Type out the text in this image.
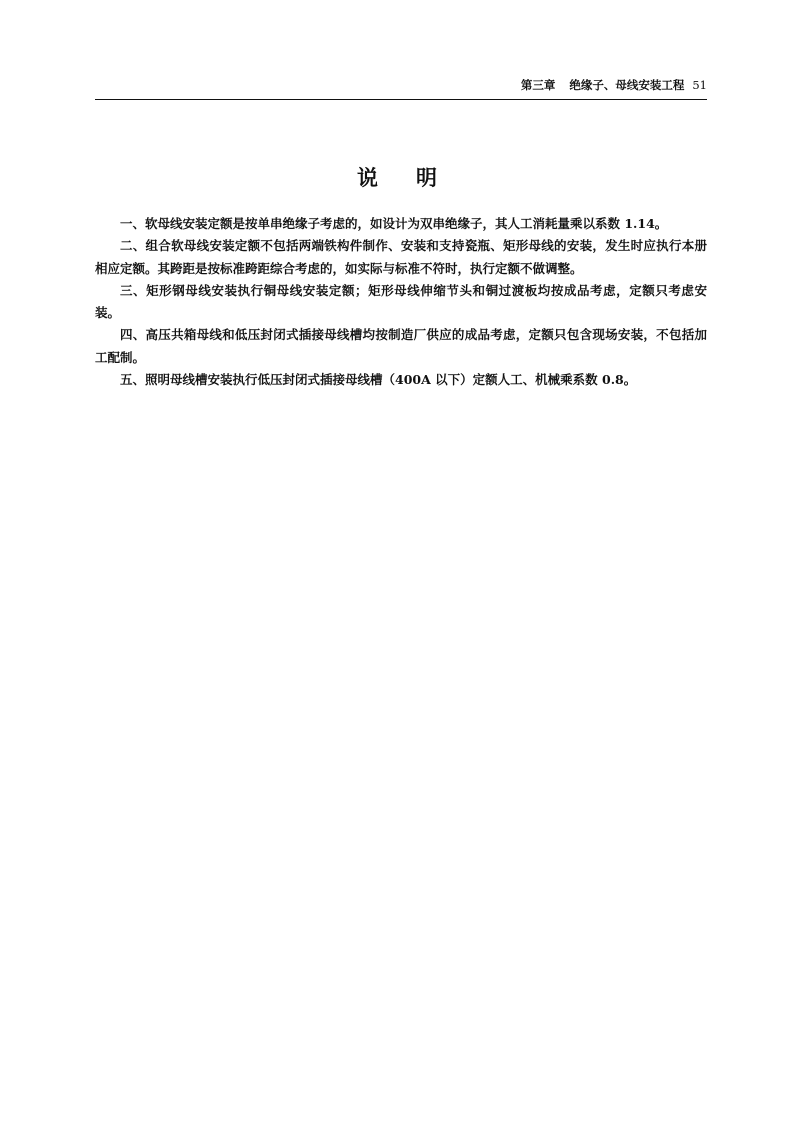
第三章 绝缘子、母线安装工程 51
说明

一、软母线安装定额是按单串绝缘子考虑的，如设计为双串绝缘子，其人工消耗量乘以系数 1.14。

二、组合软母线安装定额不包括两端铁构件制作、安装和支持瓷瓶、矩形母线的安装，发生时应执行本册相应定额。其跨距是按标准跨距综合考虑的，如实际与标准不符时，执行定额不做调整。

三、矩形钢母线安装执行铜母线安装定额；矩形母线伸缩节头和铜过渡板均按成品考虑，定额只考虑安装。

四、高压共箱母线和低压封闭式插接母线槽均按制造厂供应的成品考虑，定额只包含现场安装，不包括加工配制。

五、照明母线槽安装执行低压封闭式插接母线槽（400A 以下）定额人工、机械乘系数 0.8。
